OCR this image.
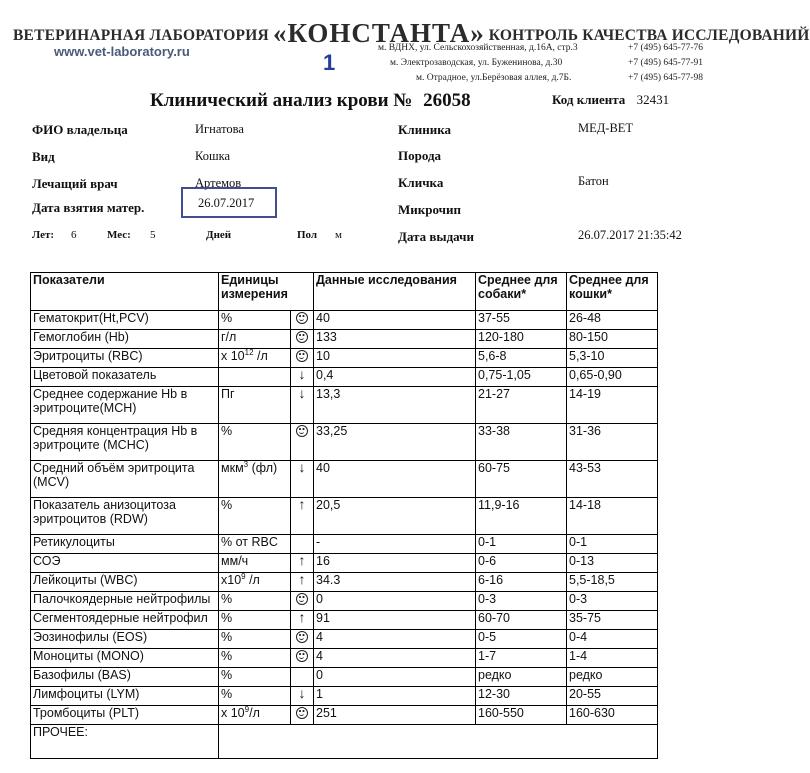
ВЕТЕРИНАРНАЯ ЛАБОРАТОРИЯ «КОНСТАНТА» КОНТРОЛЬ КАЧЕСТВА ИССЛЕДОВАНИЙ
www.vet-laboratory.ru	1
м. ВДНХ, ул. Сельскохозяйственная, д.16А, стр.3	+7 (495) 645-77-76
м. Электрозаводская, ул. Буженинова, д.30	+7 (495) 645-77-91
м. Отрадное, ул.Берёзовая аллея, д.7Б.	+7 (495) 645-77-98
Клинический анализ крови № 26058	Код клиента 32431
ФИО владельца	Игнатова
Вид	Кошка
Лечащий врач	Артемов
Дата взятия матер.	26.07.2017
Лет: 6	Мес: 5	Дней	Пол м
Клиника	МЕД-ВЕТ
Порода
Кличка	Батон
Микрочип
Дата выдачи	26.07.2017 21:35:42
Показатели	Единицы измерения		Данные исследования	Среднее для собаки*	Среднее для кошки*
Гематокрит(Ht,PCV)	%		40	37-55	26-48
Гемоглобин (Hb)	г/л		133	120-180	80-150
Эритроциты (RBC)	x $10^{12}$ /л		10	5,6-8	5,3-10
Цветовой показатель		↓	0,4	0,75-1,05	0,65-0,90
Среднее содержание Hb в эритроците(MCH)	Пг	↓	13,3	21-27	14-19
Средняя концентрация Hb в эритроците (MCHC)	%		33,25	33-38	31-36
Средний объём эритроцита (MCV)	мкм$^3$ (фл)	↓	40	60-75	43-53
Показатель анизоцитоза эритроцитов (RDW)	%	↑	20,5	11,9-16	14-18
Ретикулоциты	% от RBC		-	0-1	0-1
СОЭ	мм/ч	↑	16	0-6	0-13
Лейкоциты (WBC)	$x10^9$ /л	↑	34.3	6-16	5,5-18,5
Палочкоядерные нейтрофилы	%		0	0-3	0-3
Сегментоядерные нейтрофил	%	↑	91	60-70	35-75
Эозинофилы (EOS)	%		4	0-5	0-4
Моноциты (MONO)	%		4	1-7	1-4
Базофилы (BAS)	%		0	редко	редко
Лимфоциты (LYM)	%	↓	1	12-30	20-55
Тромбоциты (PLT)	x $10^9/л$		251	160-550	160-630
ПРОЧЕЕ:					
